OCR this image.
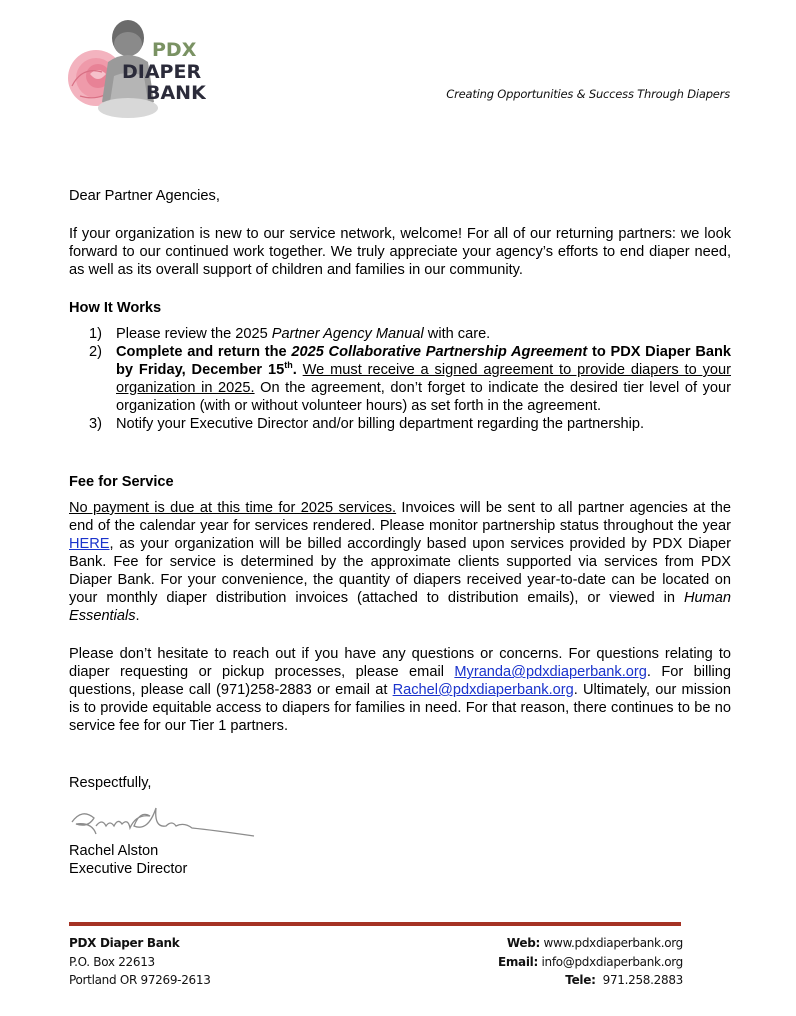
PDX
DIAPER
BANK	Creating Opportunities & Success Through Diapers

Dear Partner Agencies,

If your organization is new to our service network, welcome! For all of our returning partners: we look forward to our continued work together. We truly appreciate your agency’s efforts to end diaper need, as well as its overall support of children and families in our community.

How It Works

1) Please review the 2025 Partner Agency Manual with care.
2) Complete and return the 2025 Collaborative Partnership Agreement to PDX Diaper Bank by Friday, December 15th. We must receive a signed agreement to provide diapers to your organization in 2025. On the agreement, don’t forget to indicate the desired tier level of your organization (with or without volunteer hours) as set forth in the agreement.
3) Notify your Executive Director and/or billing department regarding the partnership.

Fee for Service

No payment is due at this time for 2025 services. Invoices will be sent to all partner agencies at the end of the calendar year for services rendered. Please monitor partnership status throughout the year HERE, as your organization will be billed accordingly based upon services provided by PDX Diaper Bank. Fee for service is determined by the approximate clients supported via services from PDX Diaper Bank. For your convenience, the quantity of diapers received year-to-date can be located on your monthly diaper distribution invoices (attached to distribution emails), or viewed in Human Essentials.

Please don’t hesitate to reach out if you have any questions or concerns. For questions relating to diaper requesting or pickup processes, please email Myranda@pdxdiaperbank.org. For billing questions, please call (971)258-2883 or email at Rachel@pdxdiaperbank.org. Ultimately, our mission is to provide equitable access to diapers for families in need. For that reason, there continues to be no service fee for our Tier 1 partners.

Respectfully,

Rachel Alston

Executive Director

PDX Diaper Bank
P.O. Box 22613
Portland OR 97269-2613
Web: www.pdxdiaperbank.org
Email: info@pdxdiaperbank.org
Tele: 971.258.2883
